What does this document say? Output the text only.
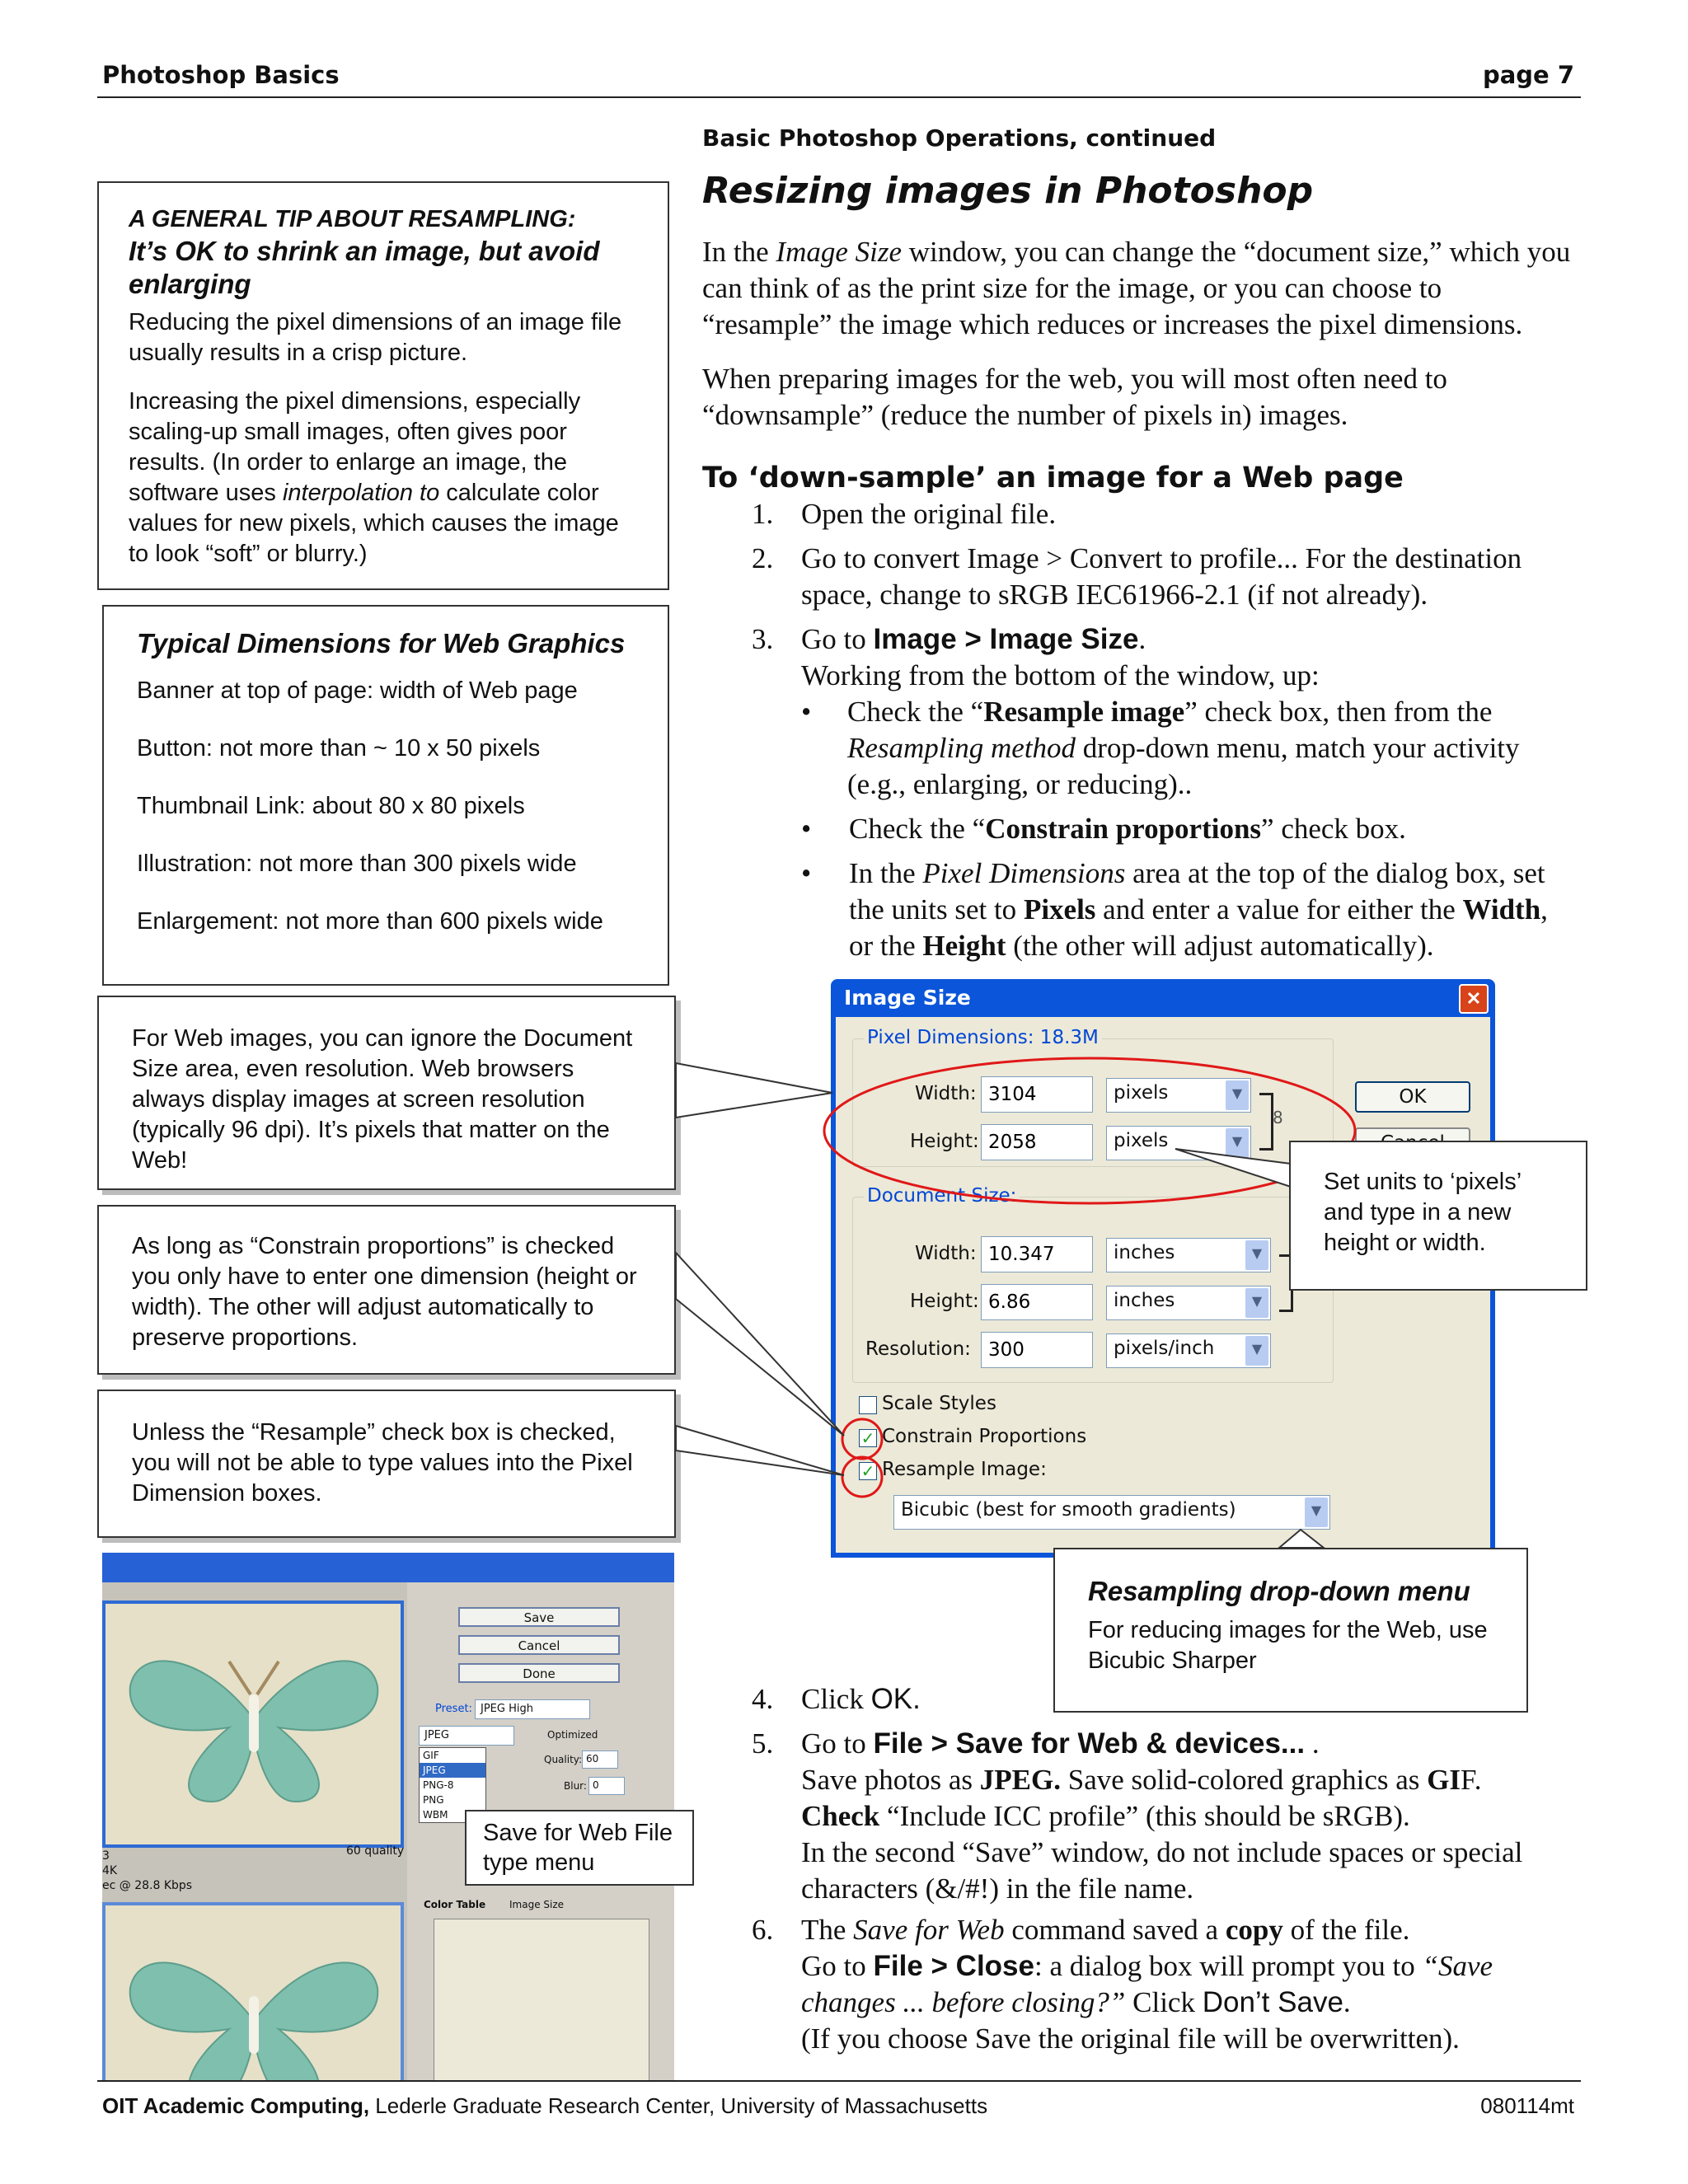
Photoshop Basics	page 7
Basic Photoshop Operations, continued
Resizing images in Photoshop

In the Image Size window, you can change the “document size,” which you can think of as the print size for the image, or you can choose to “resample” the image which reduces or increases the pixel dimensions.

When preparing images for the web, you will most often need to “downsample” (reduce the number of pixels in) images.

To ‘down-sample’ an image for a Web page
1. Open the original file.
2. Go to convert Image > Convert to profile... For the destination space, change to sRGB IEC61966-2.1 (if not already).
3. Go to Image > Image Size.
Working from the bottom of the window, up:
• Check the “Resample image” check box, then from the Resampling method drop-down menu, match your activity (e.g., enlarging, or reducing)..
• Check the “Constrain proportions” check box.
• In the Pixel Dimensions area at the top of the dialog box, set the units set to Pixels and enter a value for either the Width, or the Height (the other will adjust automatically).
4. Click OK.
5. Go to File > Save for Web & devices... .
Save photos as JPEG. Save solid-colored graphics as GIF.
Check “Include ICC profile” (this should be sRGB).
In the second “Save” window, do not include spaces or special characters (&/#!) in the file name.
6. The Save for Web command saved a copy of the file.
Go to File > Close: a dialog box will prompt you to “Save changes ... before closing?” Click Don’t Save.
(If you choose Save the original file will be overwritten).
A GENERAL TIP ABOUT RESAMPLING:
It’s OK to shrink an image, but avoid enlarging

Reducing the pixel dimensions of an image file usually results in a crisp picture.

Increasing the pixel dimensions, especially scaling-up small images, often gives poor results. (In order to enlarge an image, the software uses interpolation to calculate color values for new pixels, which causes the image to look “soft” or blurry.)

Typical Dimensions for Web Graphics
Banner at top of page: width of Web page
Button: not more than ~ 10 x 50 pixels
Thumbnail Link: about 80 x 80 pixels
Illustration: not more than 300 pixels wide
Enlargement: not more than 600 pixels wide
For Web images, you can ignore the Document Size area, even resolution. Web browsers always display images at screen resolution (typically 96 dpi). It’s pixels that matter on the Web!
As long as “Constrain proportions” is checked you only have to enter one dimension (height or width). The other will adjust automatically to preserve proportions.
Unless the “Resample” check box is checked, you will not be able to type values into the Pixel Dimension boxes.
Image Size	✕
Pixel Dimensions: 18.3M
Width:
3104	pixels	▼
Height:
2058	pixels	▼
8
Document Size:
Width:
10.347	inches	▼
Height:
6.86	inches	▼
Resolution:
300	pixels/inch	▼
OK
Scale Styles
✓ Constrain Proportions
✓ Resample Image:
Bicubic (best for smooth gradients)	▼
Set units to ‘pixels’ and type in a new height or width.
Resampling drop-down menu
For reducing images for the Web, use Bicubic Sharper
3
4K
ec @ 28.8 Kbps
60 quality
Save
Cancel
Done
Preset: JPEG High
JPEG	Optimized
GIF
JPEG
PNG-8
PNG
WBM
Quality: 60
Blur: 0
Color Table Image Size
Save for Web File type menu
OIT Academic Computing, Lederle Graduate Research Center, University of Massachusetts	080114mt
